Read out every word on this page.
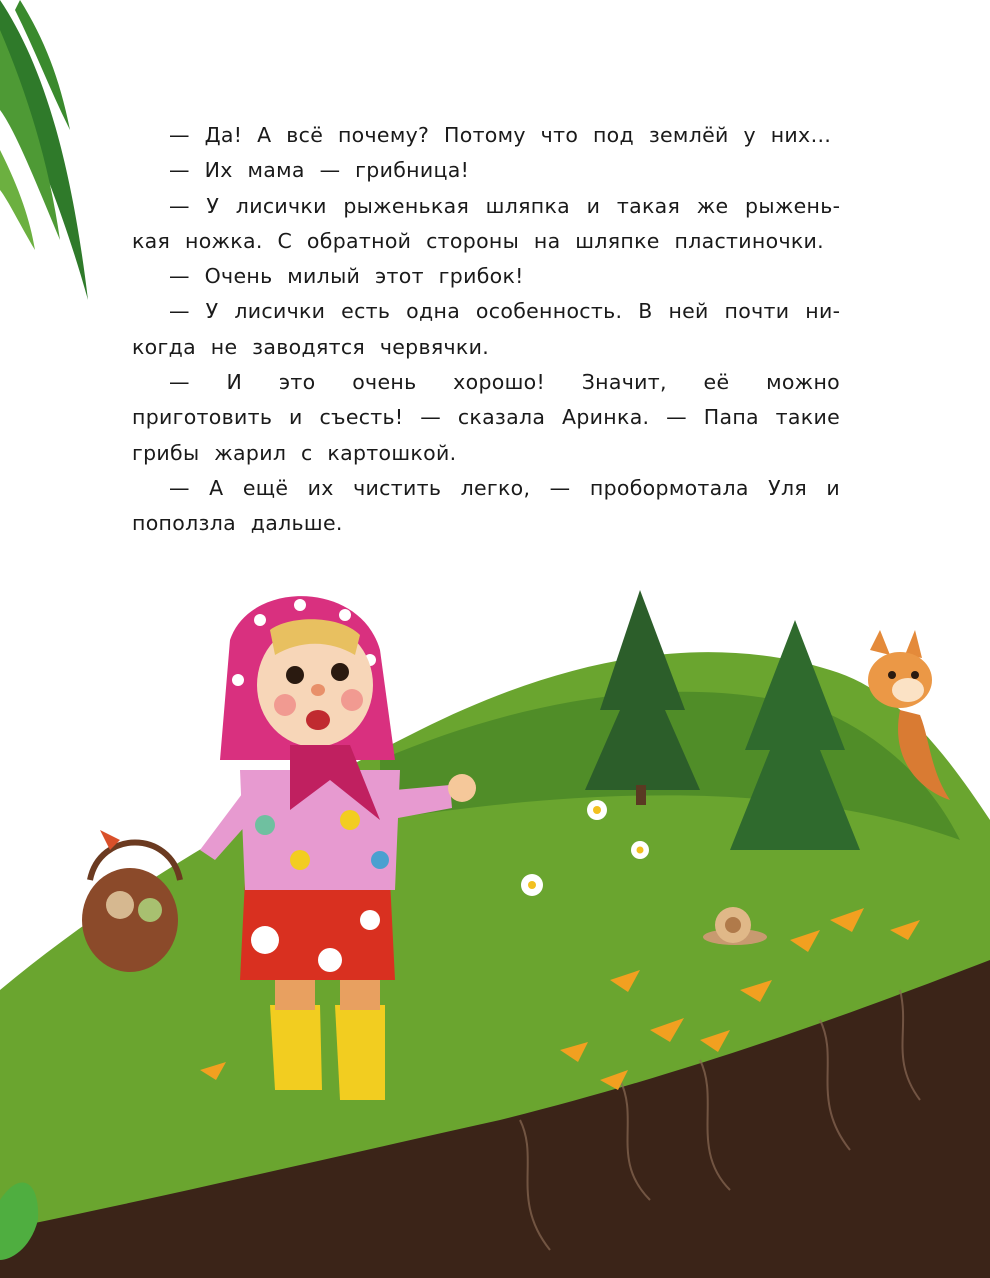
— Да! А всё почему? Потому что под землёй у них…

— Их мама — грибница!

— У лисички рыженькая шляпка и такая же рыженькая ножка. С обратной стороны на шляпке пластиночки.

— Очень милый этот грибок!

— У лисички есть одна особенность. В ней почти никогда не заводятся червячки.

— И это очень хорошо! Значит, её можно приготовить и съесть! — сказала Аринка. — Папа такие грибы жарил с картошкой.

— А ещё их чистить легко, — пробормотала Уля и поползла дальше.
